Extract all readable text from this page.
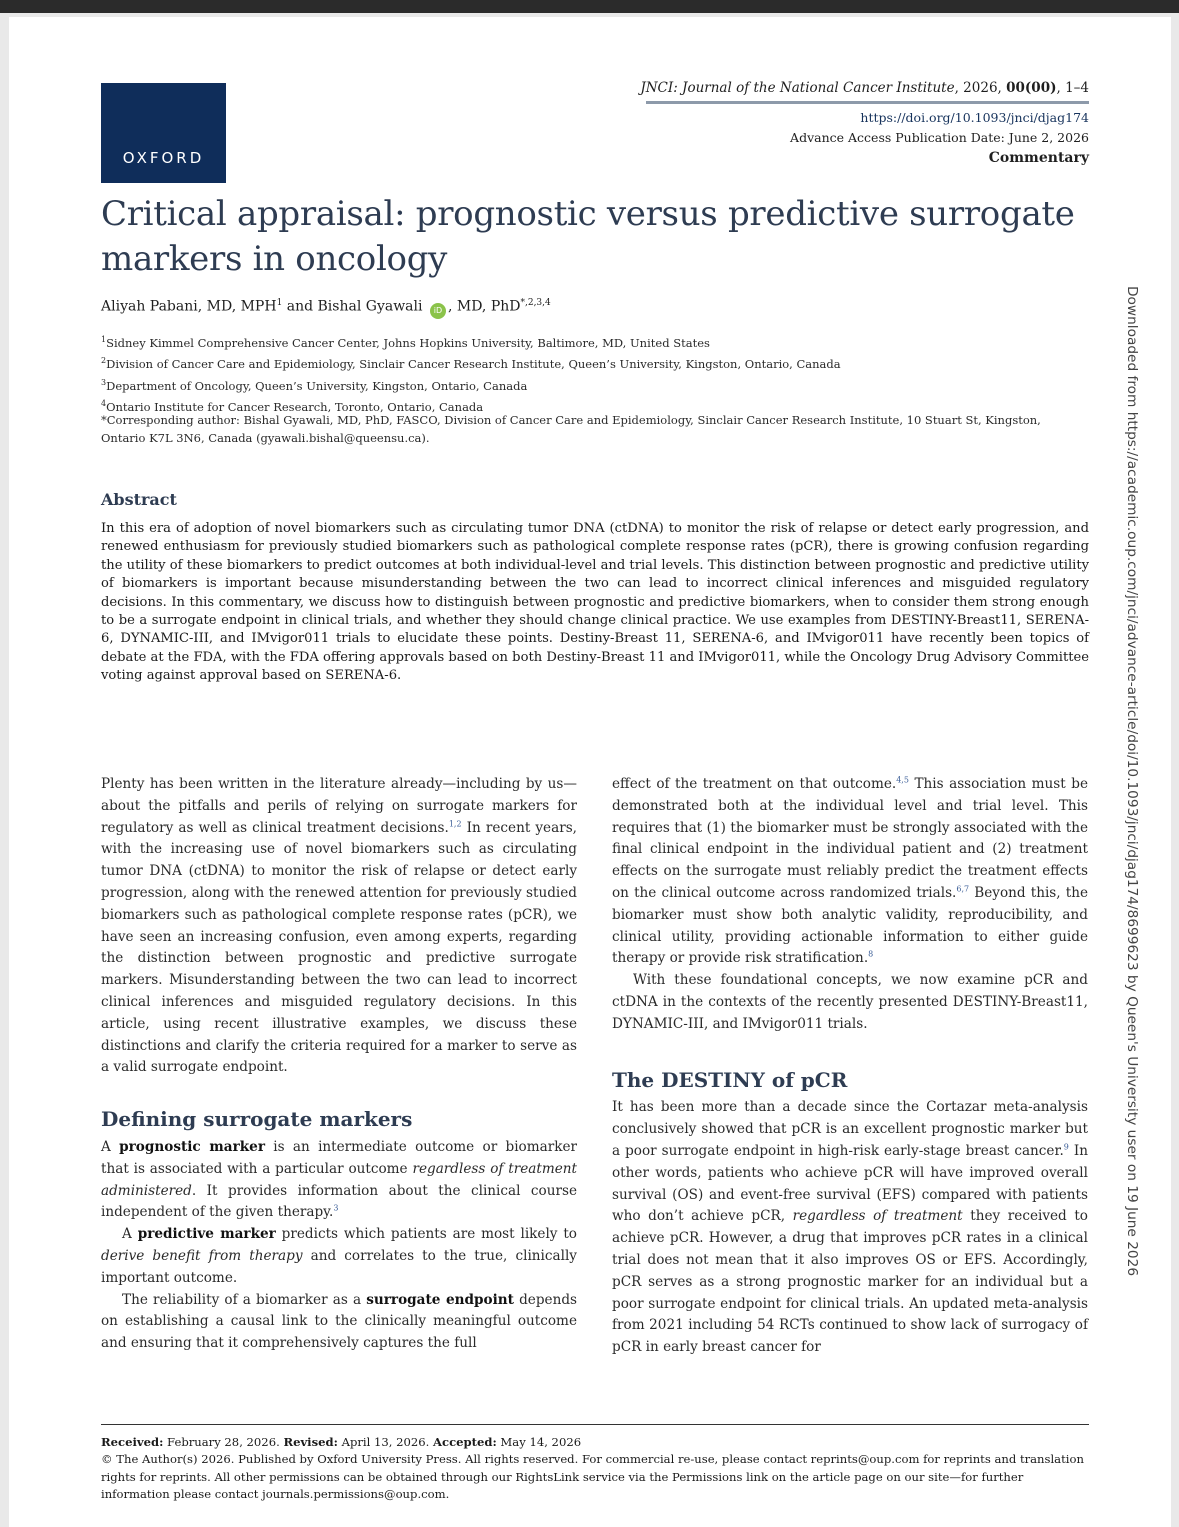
OXFORD
JNCI: Journal of the National Cancer Institute, 2026, 00(00), 1–4
https://doi.org/10.1093/jnci/djag174
Advance Access Publication Date: June 2, 2026
Commentary
Critical appraisal: prognostic versus predictive surrogate markers in oncology
Aliyah Pabani, MD, MPH$^1$ and Bishal Gyawali iD , MD, PhD$^{*,2,3,4}$
$^1$Sidney Kimmel Comprehensive Cancer Center, Johns Hopkins University, Baltimore, MD, United States
$^2$Division of Cancer Care and Epidemiology, Sinclair Cancer Research Institute, Queen’s University, Kingston, Ontario, Canada
$^3$Department of Oncology, Queen’s University, Kingston, Ontario, Canada
$^4$Ontario Institute for Cancer Research, Toronto, Ontario, Canada
*Corresponding author: Bishal Gyawali, MD, PhD, FASCO, Division of Cancer Care and Epidemiology, Sinclair Cancer Research Institute, 10 Stuart St, Kingston, Ontario K7L 3N6, Canada (gyawali.bishal@queensu.ca).
Abstract
In this era of adoption of novel biomarkers such as circulating tumor DNA (ctDNA) to monitor the risk of relapse or detect early progression, and renewed enthusiasm for previously studied biomarkers such as pathological complete response rates (pCR), there is growing confusion regarding the utility of these biomarkers to predict outcomes at both individual-level and trial levels. This distinction between prognostic and predictive utility of biomarkers is important because misunderstanding between the two can lead to incorrect clinical inferences and misguided regulatory decisions. In this commentary, we discuss how to distinguish between prognostic and predictive biomarkers, when to consider them strong enough to be a surrogate endpoint in clinical trials, and whether they should change clinical practice. We use examples from DESTINY-Breast11, SERENA-6, DYNAMIC-III, and IMvigor011 trials to elucidate these points. Destiny-Breast 11, SERENA-6, and IMvigor011 have recently been topics of debate at the FDA, with the FDA offering approvals based on both Destiny-Breast 11 and IMvigor011, while the Oncology Drug Advisory Committee voting against approval based on SERENA-6.

Plenty has been written in the literature already—including by us—about the pitfalls and perils of relying on surrogate markers for regulatory as well as clinical treatment decisions.$^{1,2}$ In recent years, with the increasing use of novel biomarkers such as circulating tumor DNA (ctDNA) to monitor the risk of relapse or detect early progression, along with the renewed attention for previously studied biomarkers such as pathological complete response rates (pCR), we have seen an increasing confusion, even among experts, regarding the distinction between prognostic and predictive surrogate markers. Misunderstanding between the two can lead to incorrect clinical inferences and misguided regulatory decisions. In this article, using recent illustrative examples, we discuss these distinctions and clarify the criteria required for a marker to serve as a valid surrogate endpoint.

Defining surrogate markers

A prognostic marker is an intermediate outcome or biomarker that is associated with a particular outcome regardless of treatment administered. It provides information about the clinical course independent of the given therapy.$^3$

A predictive marker predicts which patients are most likely to derive benefit from therapy and correlates to the true, clinically important outcome.

The reliability of a biomarker as a surrogate endpoint depends on establishing a causal link to the clinically meaningful outcome and ensuring that it comprehensively captures the full

effect of the treatment on that outcome.$^{4,5}$ This association must be demonstrated both at the individual level and trial level. This requires that (1) the biomarker must be strongly associated with the final clinical endpoint in the individual patient and (2) treatment effects on the surrogate must reliably predict the treatment effects on the clinical outcome across randomized trials.$^{6,7}$ Beyond this, the biomarker must show both analytic validity, reproducibility, and clinical utility, providing actionable information to either guide therapy or provide risk stratification.$^8$

With these foundational concepts, we now examine pCR and ctDNA in the contexts of the recently presented DESTINY-Breast11, DYNAMIC-III, and IMvigor011 trials.

The DESTINY of pCR

It has been more than a decade since the Cortazar meta-analysis conclusively showed that pCR is an excellent prognostic marker but a poor surrogate endpoint in high-risk early-stage breast cancer.$^9$ In other words, patients who achieve pCR will have improved overall survival (OS) and event-free survival (EFS) compared with patients who don’t achieve pCR, regardless of treatment they received to achieve pCR. However, a drug that improves pCR rates in a clinical trial does not mean that it also improves OS or EFS. Accordingly, pCR serves as a strong prognostic marker for an individual but a poor surrogate endpoint for clinical trials. An updated meta-analysis from 2021 including 54 RCTs continued to show lack of surrogacy of pCR in early breast cancer for

Received: February 28, 2026. Revised: April 13, 2026. Accepted: May 14, 2026
© The Author(s) 2026. Published by Oxford University Press. All rights reserved. For commercial re-use, please contact reprints@oup.com for reprints and translation rights for reprints. All other permissions can be obtained through our RightsLink service via the Permissions link on the article page on our site—for further information please contact journals.permissions@oup.com.
Downloaded from https://academic.oup.com/jnci/advance-article/doi/10.1093/jnci/djag174/8699623 by Queen's University user on 19 June 2026
